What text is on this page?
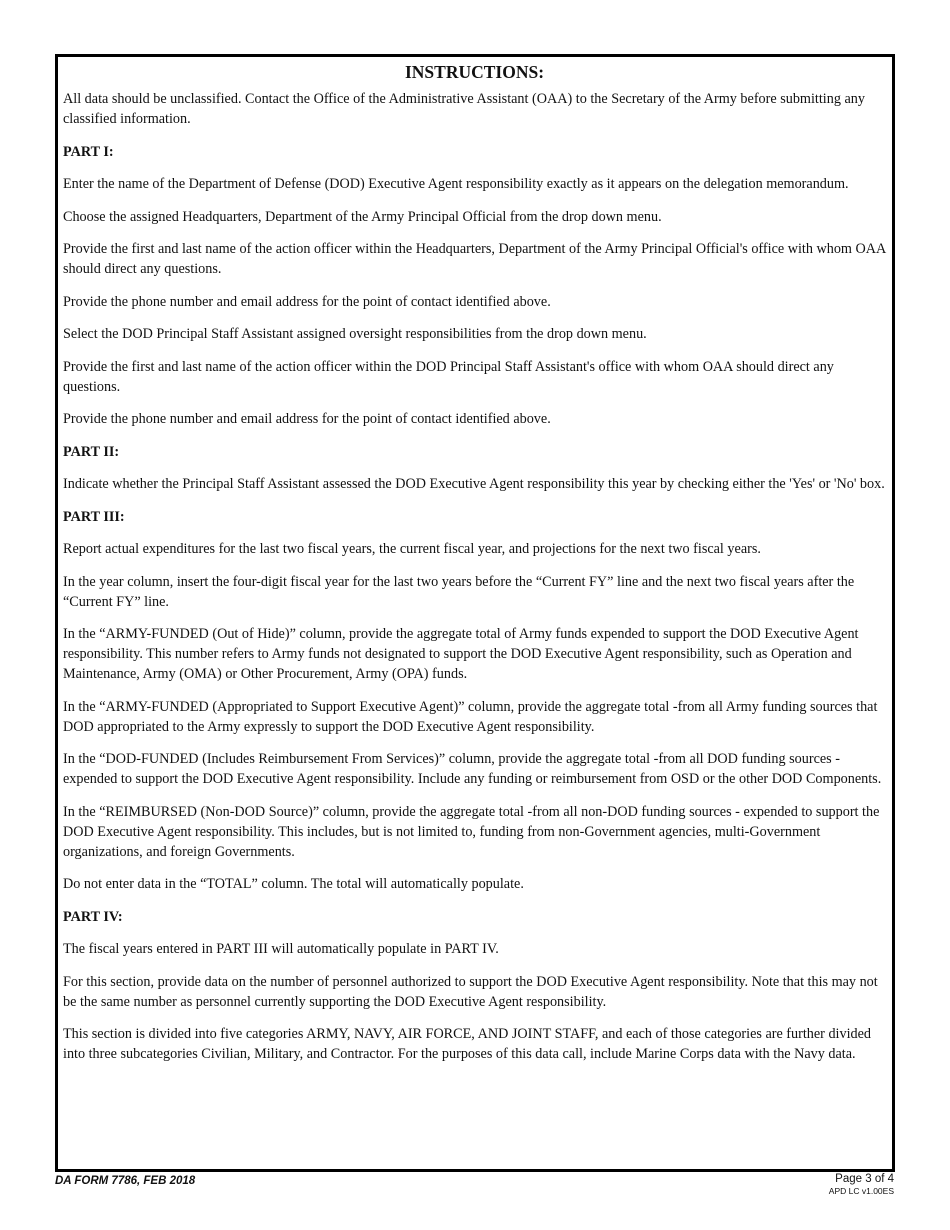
INSTRUCTIONS:

All data should be unclassified. Contact the Office of the Administrative Assistant (OAA) to the Secretary of the Army before submitting any classified information.

PART I:

Enter the name of the Department of Defense (DOD) Executive Agent responsibility exactly as it appears on the delegation memorandum.

Choose the assigned Headquarters, Department of the Army Principal Official from the drop down menu.

Provide the first and last name of the action officer within the Headquarters, Department of the Army Principal Official's office with whom OAA should direct any questions.

Provide the phone number and email address for the point of contact identified above.

Select the DOD Principal Staff Assistant assigned oversight responsibilities from the drop down menu.

Provide the first and last name of the action officer within the DOD Principal Staff Assistant's office with whom OAA should direct any questions.

Provide the phone number and email address for the point of contact identified above.

PART II:

Indicate whether the Principal Staff Assistant assessed the DOD Executive Agent responsibility this year by checking either the 'Yes' or 'No' box.

PART III:

Report actual expenditures for the last two fiscal years, the current fiscal year, and projections for the next two fiscal years.

In the year column, insert the four-digit fiscal year for the last two years before the “Current FY” line and the next two fiscal years after the “Current FY” line.

In the “ARMY-FUNDED (Out of Hide)” column, provide the aggregate total of Army funds expended to support the DOD Executive Agent responsibility. This number refers to Army funds not designated to support the DOD Executive Agent responsibility, such as Operation and Maintenance, Army (OMA) or Other Procurement, Army (OPA) funds.

In the “ARMY-FUNDED (Appropriated to Support Executive Agent)” column, provide the aggregate total -from all Army funding sources that DOD appropriated to the Army expressly to support the DOD Executive Agent responsibility.

In the “DOD-FUNDED (Includes Reimbursement From Services)” column, provide the aggregate total -from all DOD funding sources - expended to support the DOD Executive Agent responsibility. Include any funding or reimbursement from OSD or the other DOD Components.

In the “REIMBURSED (Non-DOD Source)” column, provide the aggregate total -from all non-DOD funding sources - expended to support the DOD Executive Agent responsibility. This includes, but is not limited to, funding from non-Government agencies, multi-Government organizations, and foreign Governments.

Do not enter data in the “TOTAL” column. The total will automatically populate.

PART IV:

The fiscal years entered in PART III will automatically populate in PART IV.

For this section, provide data on the number of personnel authorized to support the DOD Executive Agent responsibility. Note that this may not be the same number as personnel currently supporting the DOD Executive Agent responsibility.

This section is divided into five categories ARMY, NAVY, AIR FORCE, AND JOINT STAFF, and each of those categories are further divided into three subcategories Civilian, Military, and Contractor. For the purposes of this data call, include Marine Corps data with the Navy data.

DA FORM 7786, FEB 2018	Page 3 of 4
APD LC v1.00ES
